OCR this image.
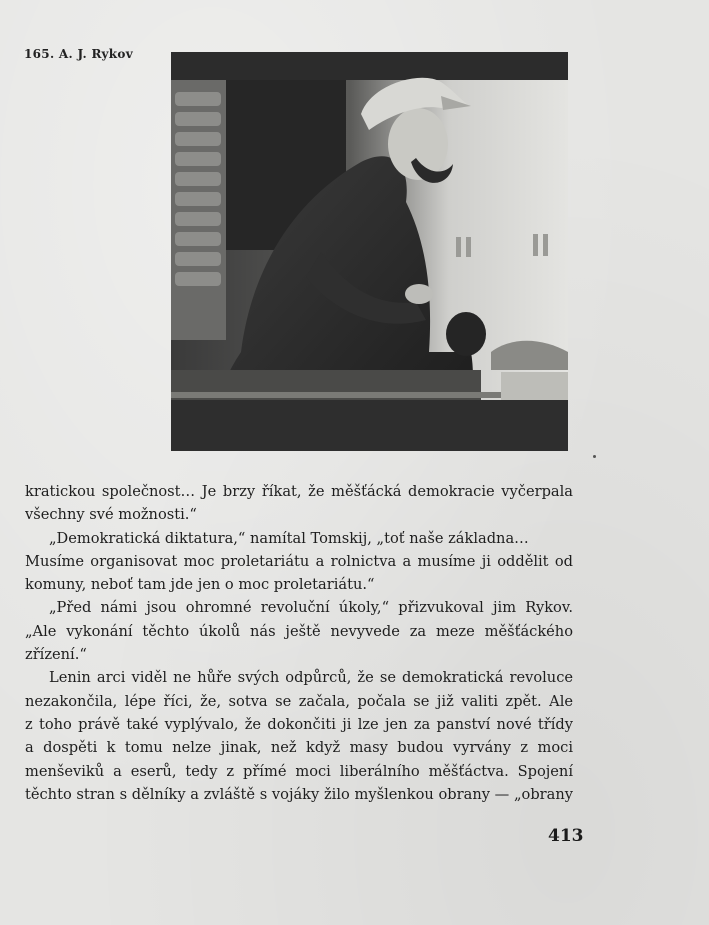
165. A. J. Rykov
kratickou společnost… Je brzy říkat, že měšťácká demokracie vyčerpala
všechny své možnosti.“
„Demokratická diktatura,“ namítal Tomskij, „toť naše základna…
Musíme organisovat moc proletariátu a rolnictva a musíme ji oddělit od
komuny, neboť tam jde jen o moc proletariátu.“
„Před námi jsou ohromné revoluční úkoly,“ přizvukoval jim Rykov.
„Ale vykonání těchto úkolů nás ještě nevyvede za meze měšťáckého
zřízení.“
Lenin arci viděl ne hůře svých odpůrců, že se demokratická revoluce
nezakončila, lépe říci, že, sotva se začala, počala se již valiti zpět. Ale
z toho právě také vyplývalo, že dokončiti ji lze jen za panství nové třídy
a dospěti k tomu nelze jinak, než když masy budou vyrvány z moci
menševiků a eserů, tedy z přímé moci liberálního měšťáctva. Spojení
těchto stran s dělníky a zvláště s vojáky žilo myšlenkou obrany — „obrany
413
